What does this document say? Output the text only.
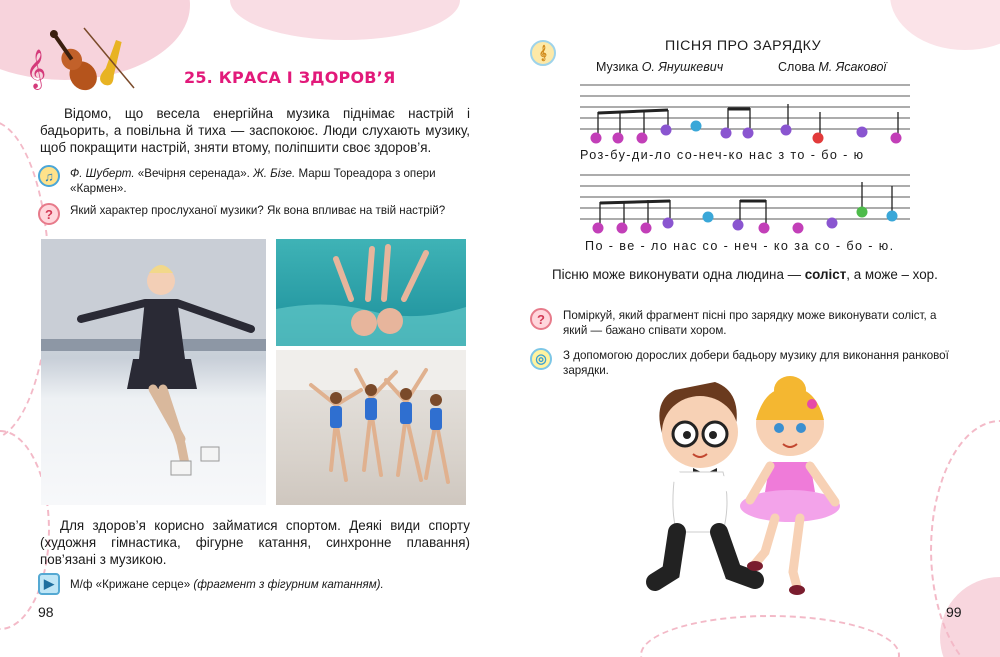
𝄞	25. КРАСА І ЗДОРОВ’Я
Відомо, що весела енергійна музика піднімає настрій і бадьорить, а повільна й тиха — заспокоює. Люди слухають музику, щоб покращити настрій, зняти втому, поліпшити своє здоров’я.
♫	Ф. Шуберт. «Вечірня серенада». Ж. Бізе. Марш Тореадора з опери «Кармен».
?	Який характер прослуханої музики? Як вона впливає на твій настрій?
Для здоров’я корисно займатися спортом. Деякі види спорту (художня гімнастика, фігурне катання, синхронне плавання) пов’язані з музикою.
▶	М/ф «Крижане серце» (фрагмент з фігурним катанням).
98
𝄞	ПІСНЯ ПРО ЗАРЯДКУ
Музика О. Янушкевич	Слова М. Ясакової
Роз-бу-ди-ло со-неч-ко нас з то - бо - ю
По - ве - ло нас со - неч - ко за со - бо - ю.
Пісню може виконувати одна людина — соліст, а може – хор.
?	Поміркуй, який фрагмент пісні про зарядку може виконувати соліст, а який — бажано співати хором.
◎	З допомогою дорослих добери бадьору музику для виконання ранкової зарядки.
99
